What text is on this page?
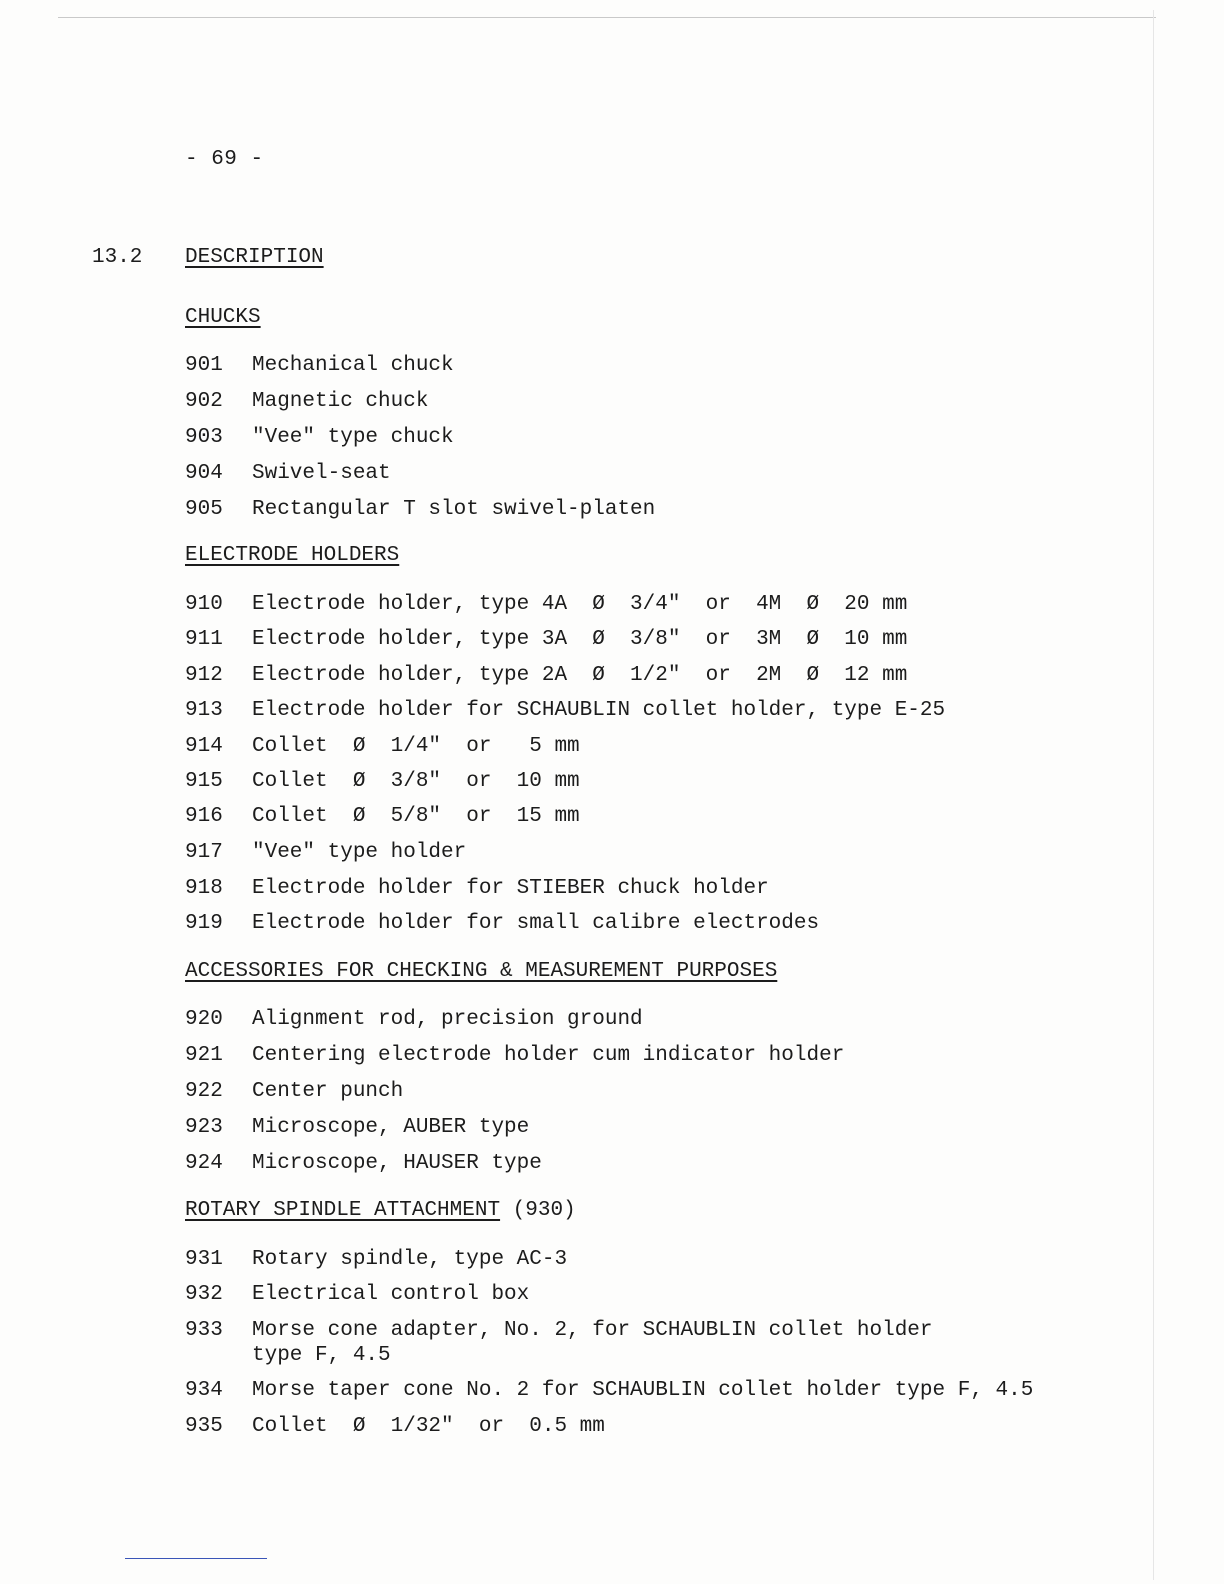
- 69 -
13.2 DESCRIPTION
CHUCKS
901 Mechanical chuck
902 Magnetic chuck
903 "Vee" type chuck
904 Swivel-seat
905 Rectangular T slot swivel-platen
ELECTRODE HOLDERS
910 Electrode holder, type 4A  Ø  3/4"  or  4M  Ø  20 mm
911 Electrode holder, type 3A  Ø  3/8"  or  3M  Ø  10 mm
912 Electrode holder, type 2A  Ø  1/2"  or  2M  Ø  12 mm
913 Electrode holder for SCHAUBLIN collet holder, type E-25
914 Collet  Ø  1/4"  or   5 mm
915 Collet  Ø  3/8"  or  10 mm
916 Collet  Ø  5/8"  or  15 mm
917 "Vee" type holder
918 Electrode holder for STIEBER chuck holder
919 Electrode holder for small calibre electrodes
ACCESSORIES FOR CHECKING & MEASUREMENT PURPOSES
920 Alignment rod, precision ground
921 Centering electrode holder cum indicator holder
922 Center punch
923 Microscope, AUBER type
924 Microscope, HAUSER type
ROTARY SPINDLE ATTACHMENT (930)
931 Rotary spindle, type AC-3
932 Electrical control box
933 Morse cone adapter, No. 2, for SCHAUBLIN collet holder
type F, 4.5
934 Morse taper cone No. 2 for SCHAUBLIN collet holder type F, 4.5
935 Collet  Ø  1/32"  or  0.5 mm
